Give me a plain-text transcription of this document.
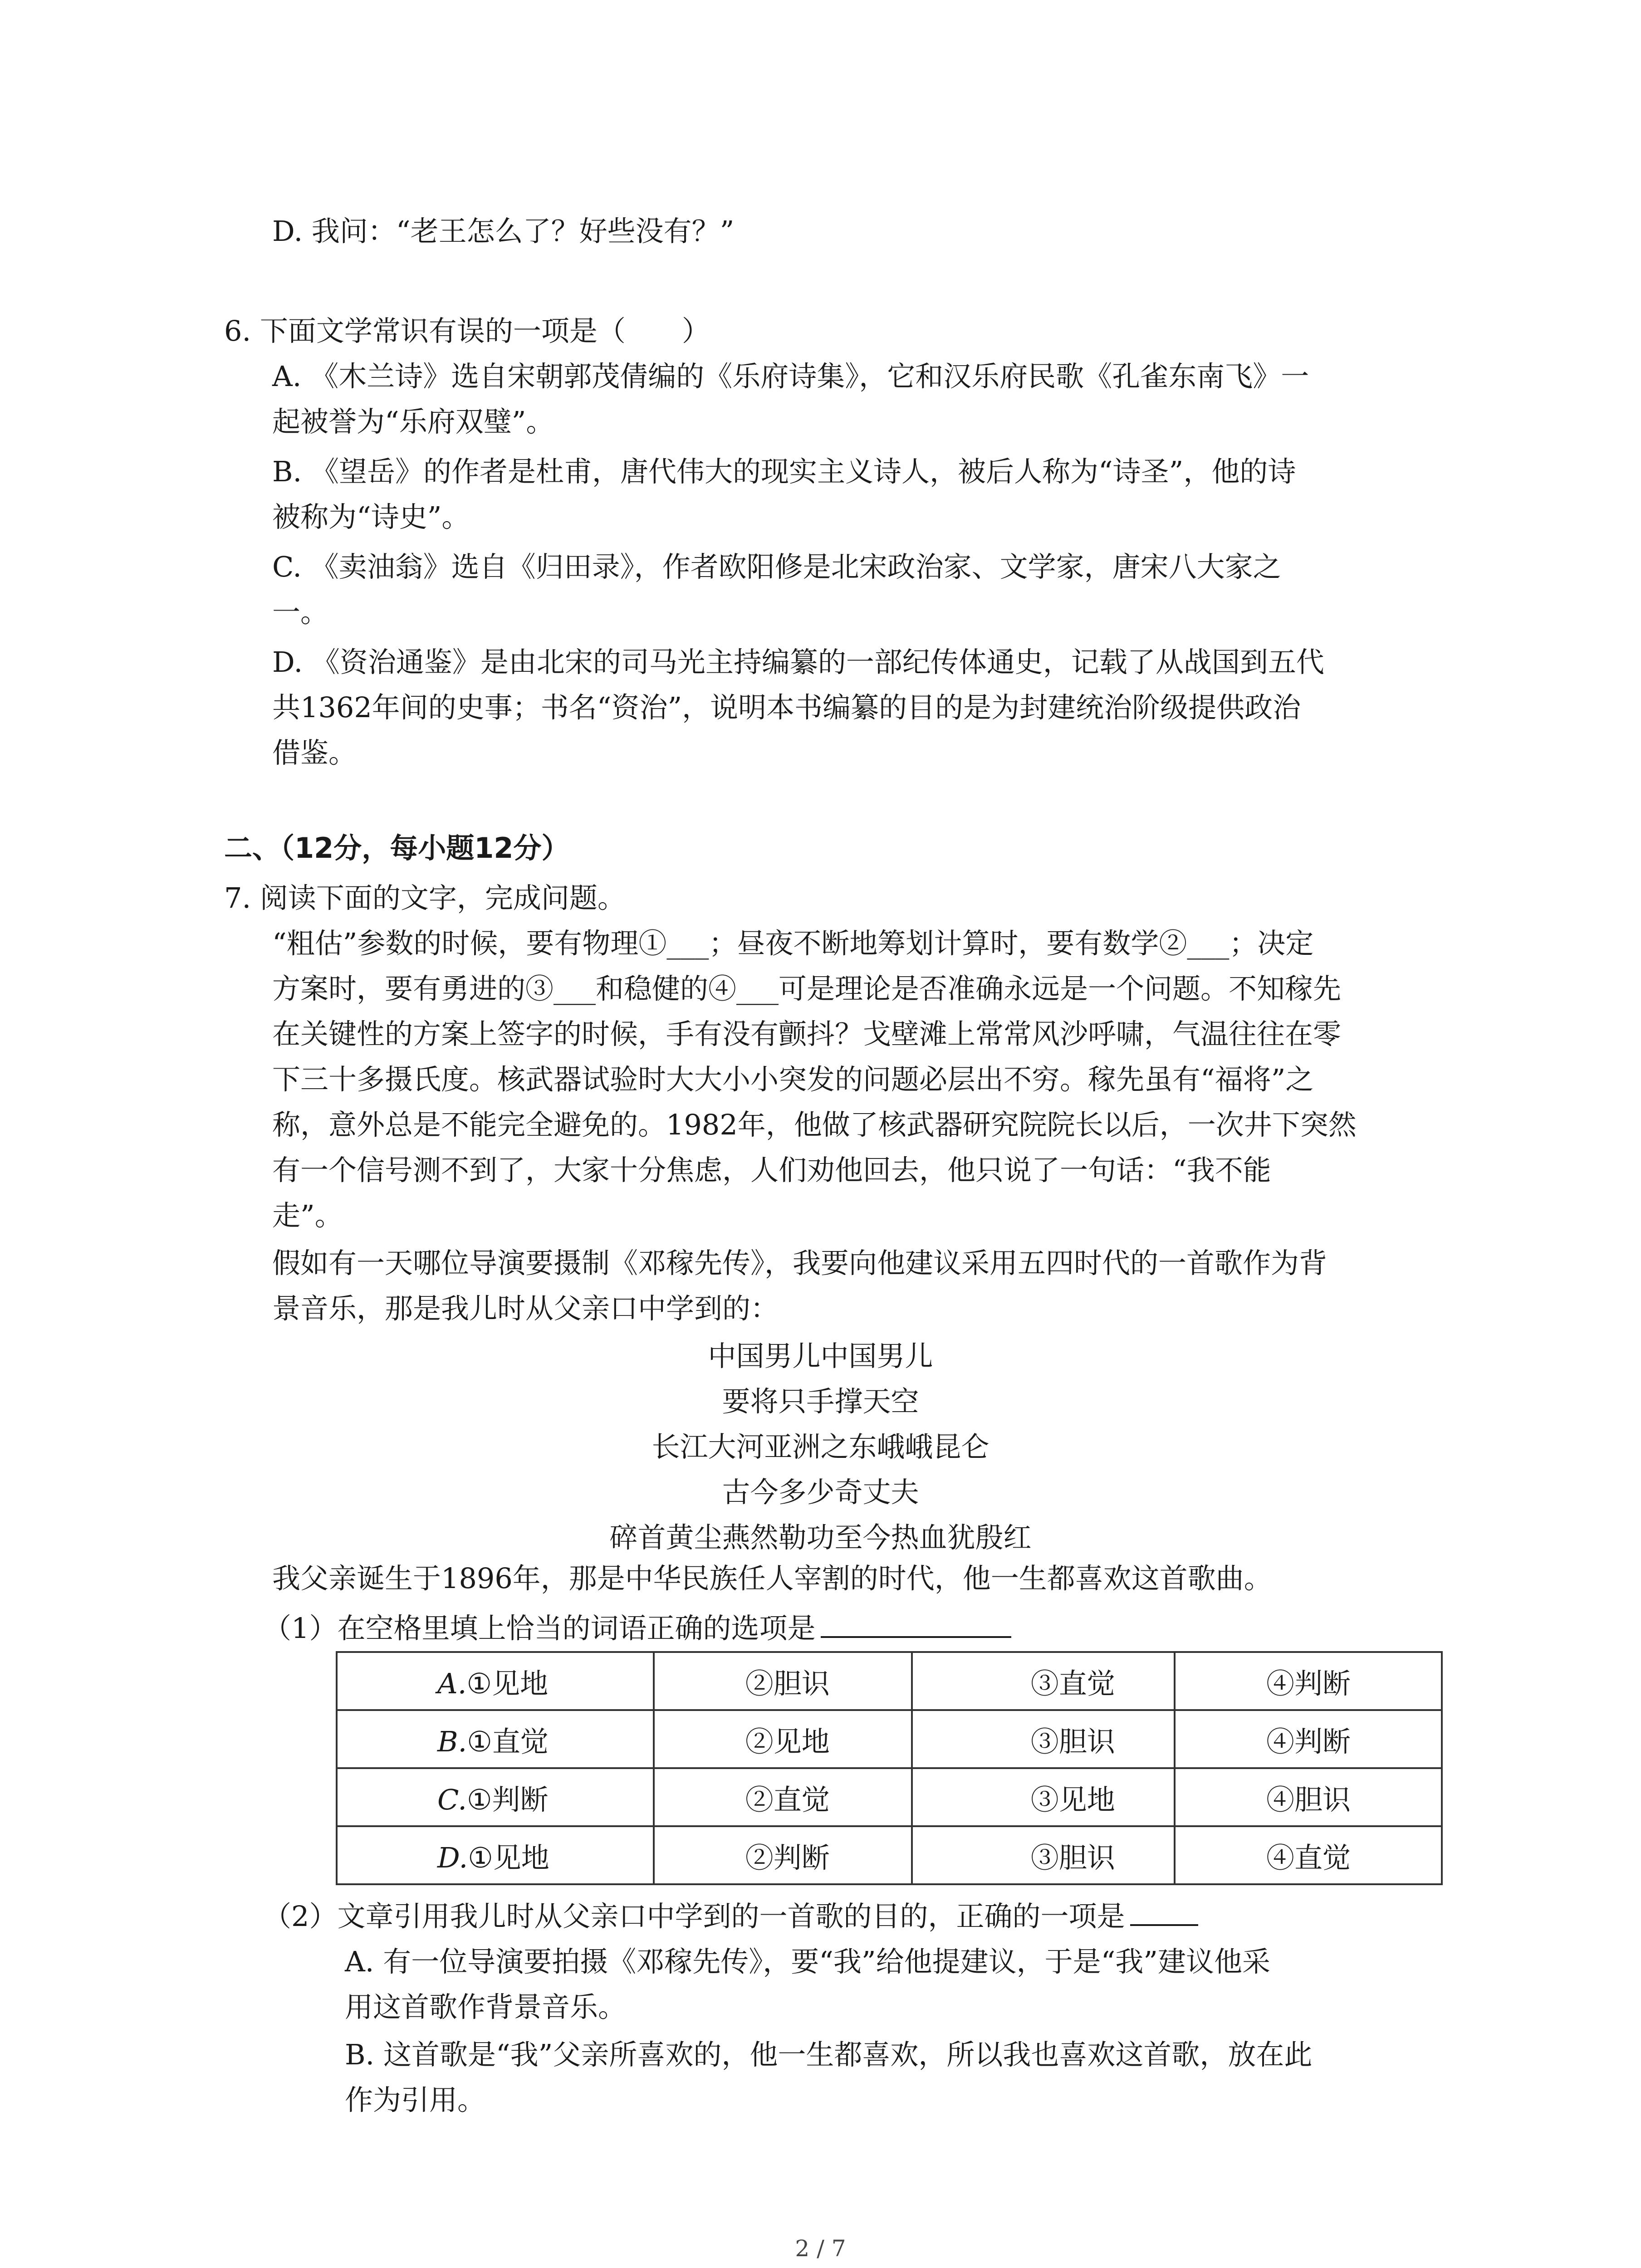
D. 我问：“老王怎么了？好些没有？”
6. 下面文学常识有误的一项是（　　）
A. 《木兰诗》选自宋朝郭茂倩编的《乐府诗集》，它和汉乐府民歌《孔雀东南飞》一
起被誉为“乐府双璧”。
B. 《望岳》的作者是杜甫，唐代伟大的现实主义诗人，被后人称为“诗圣”，他的诗
被称为“诗史”。
C. 《卖油翁》选自《归田录》，作者欧阳修是北宋政治家、文学家，唐宋八大家之
一。
D. 《资治通鉴》是由北宋的司马光主持编纂的一部纪传体通史，记载了从战国到五代
共1362年间的史事；书名“资治”，说明本书编纂的目的是为封建统治阶级提供政治
借鉴。
二、（12分，每小题12分）
7. 阅读下面的文字，完成问题。
“粗估”参数的时候，要有物理①___；昼夜不断地筹划计算时，要有数学②___；决定
方案时，要有勇进的③___和稳健的④___可是理论是否准确永远是一个问题。不知稼先
在关键性的方案上签字的时候，手有没有颤抖？戈壁滩上常常风沙呼啸，气温往往在零
下三十多摄氏度。核武器试验时大大小小突发的问题必层出不穷。稼先虽有“福将”之
称，意外总是不能完全避免的。1982年，他做了核武器研究院院长以后，一次井下突然
有一个信号测不到了，大家十分焦虑，人们劝他回去，他只说了一句话：“我不能
走”。
假如有一天哪位导演要摄制《邓稼先传》，我要向他建议采用五四时代的一首歌作为背
景音乐，那是我儿时从父亲口中学到的：
中国男儿中国男儿
要将只手撑天空
长江大河亚洲之东峨峨昆仑
古今多少奇丈夫
碎首黄尘燕然勒功至今热血犹殷红
我父亲诞生于1896年，那是中华民族任人宰割的时代，他一生都喜欢这首歌曲。
（1）在空格里填上恰当的词语正确的选项是
A.①见地	②胆识	③直觉	④判断
B.①直觉	②见地	③胆识	④判断
C.①判断	②直觉	③见地	④胆识
D.①见地	②判断	③胆识	④直觉
（2）文章引用我儿时从父亲口中学到的一首歌的目的，正确的一项是
A. 有一位导演要拍摄《邓稼先传》，要“我”给他提建议，于是“我”建议他采
用这首歌作背景音乐。
B. 这首歌是“我”父亲所喜欢的，他一生都喜欢，所以我也喜欢这首歌，放在此
作为引用。
2 / 7
